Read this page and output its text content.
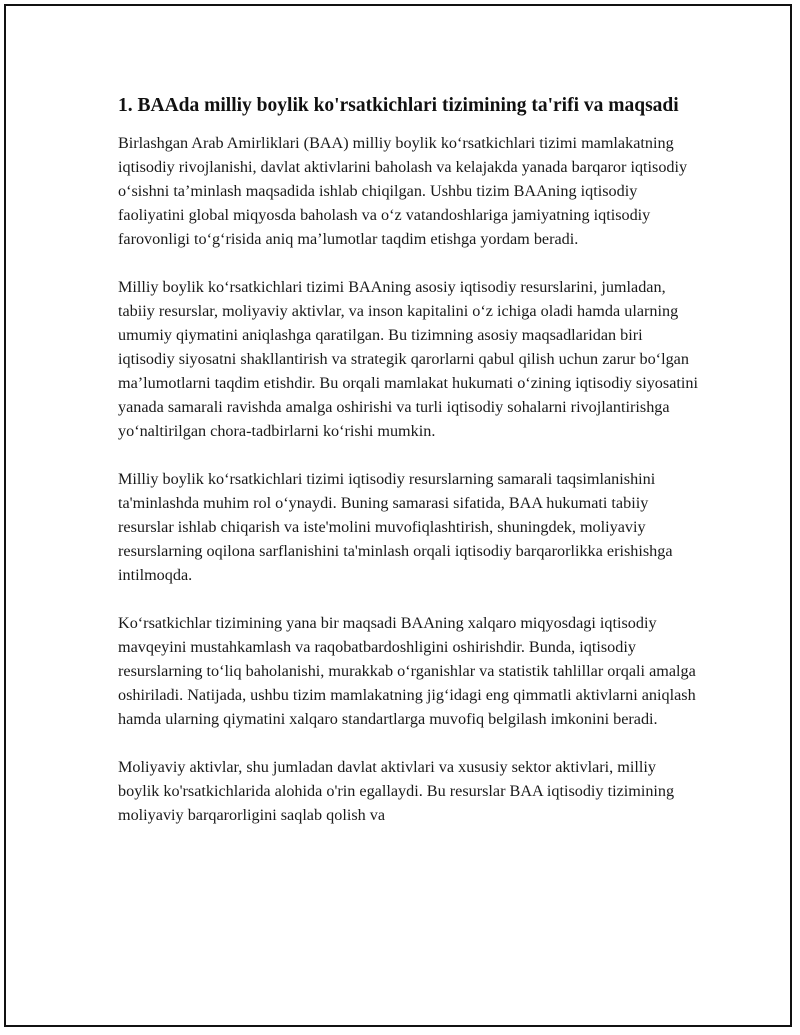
1. BAAda milliy boylik ko'rsatkichlari tizimining ta'rifi va maqsadi

Birlashgan Arab Amirliklari (BAA) milliy boylik ko‘rsatkichlari tizimi mamlakatning iqtisodiy rivojlanishi, davlat aktivlarini baholash va kelajakda yanada barqaror iqtisodiy o‘sishni ta’minlash maqsadida ishlab chiqilgan. Ushbu tizim BAAning iqtisodiy faoliyatini global miqyosda baholash va o‘z vatandoshlariga jamiyatning iqtisodiy farovonligi to‘g‘risida aniq ma’lumotlar taqdim etishga yordam beradi.

Milliy boylik ko‘rsatkichlari tizimi BAAning asosiy iqtisodiy resurslarini, jumladan, tabiiy resurslar, moliyaviy aktivlar, va inson kapitalini o‘z ichiga oladi hamda ularning umumiy qiymatini aniqlashga qaratilgan. Bu tizimning asosiy maqsadlaridan biri iqtisodiy siyosatni shakllantirish va strategik qarorlarni qabul qilish uchun zarur bo‘lgan ma’lumotlarni taqdim etishdir. Bu orqali mamlakat hukumati o‘zining iqtisodiy siyosatini yanada samarali ravishda amalga oshirishi va turli iqtisodiy sohalarni rivojlantirishga yo‘naltirilgan chora-tadbirlarni ko‘rishi mumkin.

Milliy boylik ko‘rsatkichlari tizimi iqtisodiy resurslarning samarali taqsimlanishini ta'minlashda muhim rol o‘ynaydi. Buning samarasi sifatida, BAA hukumati tabiiy resurslar ishlab chiqarish va iste'molini muvofiqlashtirish, shuningdek, moliyaviy resurslarning oqilona sarflanishini ta'minlash orqali iqtisodiy barqarorlikka erishishga intilmoqda.

Ko‘rsatkichlar tizimining yana bir maqsadi BAAning xalqaro miqyosdagi iqtisodiy mavqeyini mustahkamlash va raqobatbardoshligini oshirishdir. Bunda, iqtisodiy resurslarning to‘liq baholanishi, murakkab o‘rganishlar va statistik tahlillar orqali amalga oshiriladi. Natijada, ushbu tizim mamlakatning jig‘idagi eng qimmatli aktivlarni aniqlash hamda ularning qiymatini xalqaro standartlarga muvofiq belgilash imkonini beradi.

Moliyaviy aktivlar, shu jumladan davlat aktivlari va xususiy sektor aktivlari, milliy boylik ko'rsatkichlarida alohida o'rin egallaydi. Bu resurslar BAA iqtisodiy tizimining moliyaviy barqarorligini saqlab qolish va
